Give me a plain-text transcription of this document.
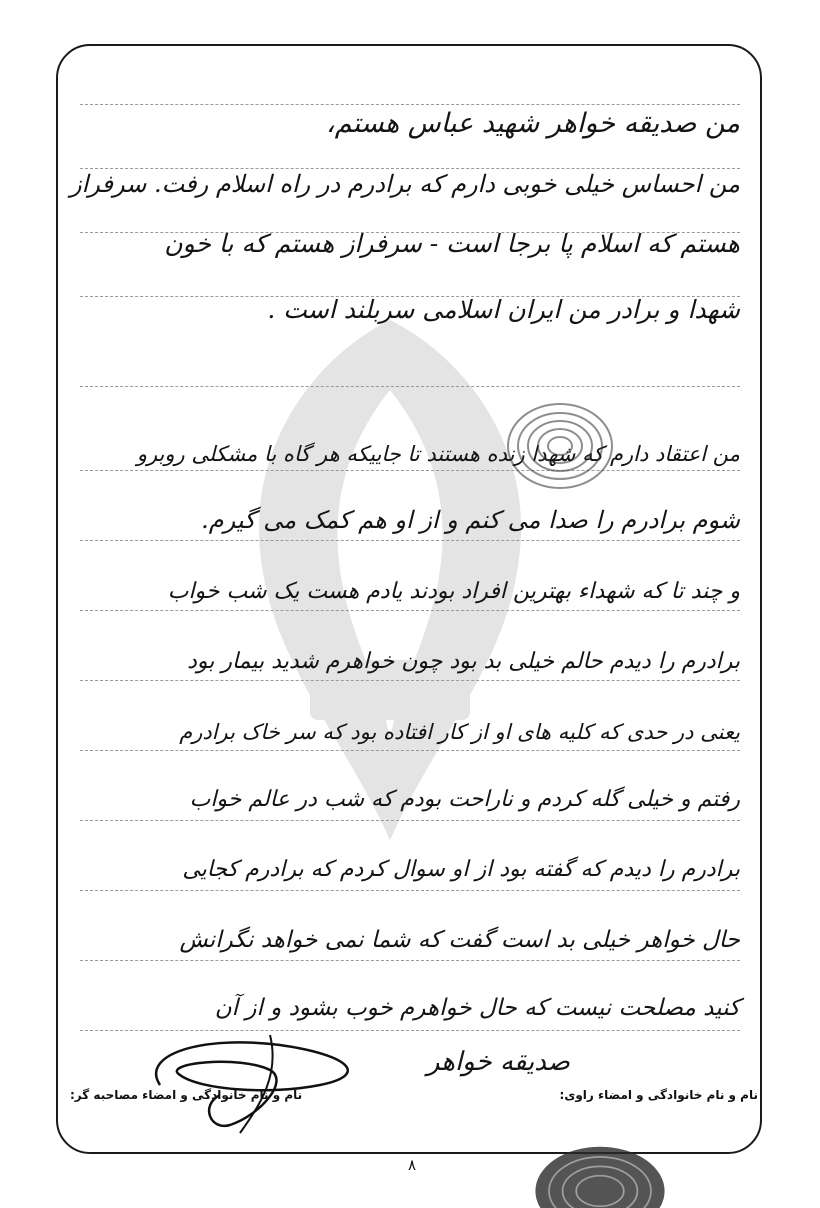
من صدیقه خواهر شهید عباس هستم،
من احساس خیلی خوبی دارم که برادرم در راه اسلام رفت. سرفراز
هستم که اسلام پا برجا است - سرفراز هستم که با خون
شهدا و برادر من ایران اسلامی سربلند است .
من اعتقاد دارم که شهدا زنده هستند تا جاییکه هر گاه با مشکلی روبرو
شوم برادرم را صدا می کنم و از او هم کمک می گیرم.
و چند تا که شهداء بهترین افراد بودند یادم هست یک شب خواب
برادرم را دیدم حالم خیلی بد بود چون خواهرم شدید بیمار بود
یعنی در حدی که کلیه های او از کار افتاده بود که سر خاک برادرم
رفتم و خیلی گله کردم و ناراحت بودم که شب در عالم خواب
برادرم را دیدم که گفته بود از او سوال کردم که برادرم کجایی
حال خواهر خیلی بد است گفت که شما نمی خواهد نگرانش
کنید مصلحت نیست که حال خواهرم خوب بشود و از آن
صدیقه خواهر
نام و نام خانوادگی و امضاء راوی:
نام و نام خانوادگی و امضاء مصاحبه گر:
۸
